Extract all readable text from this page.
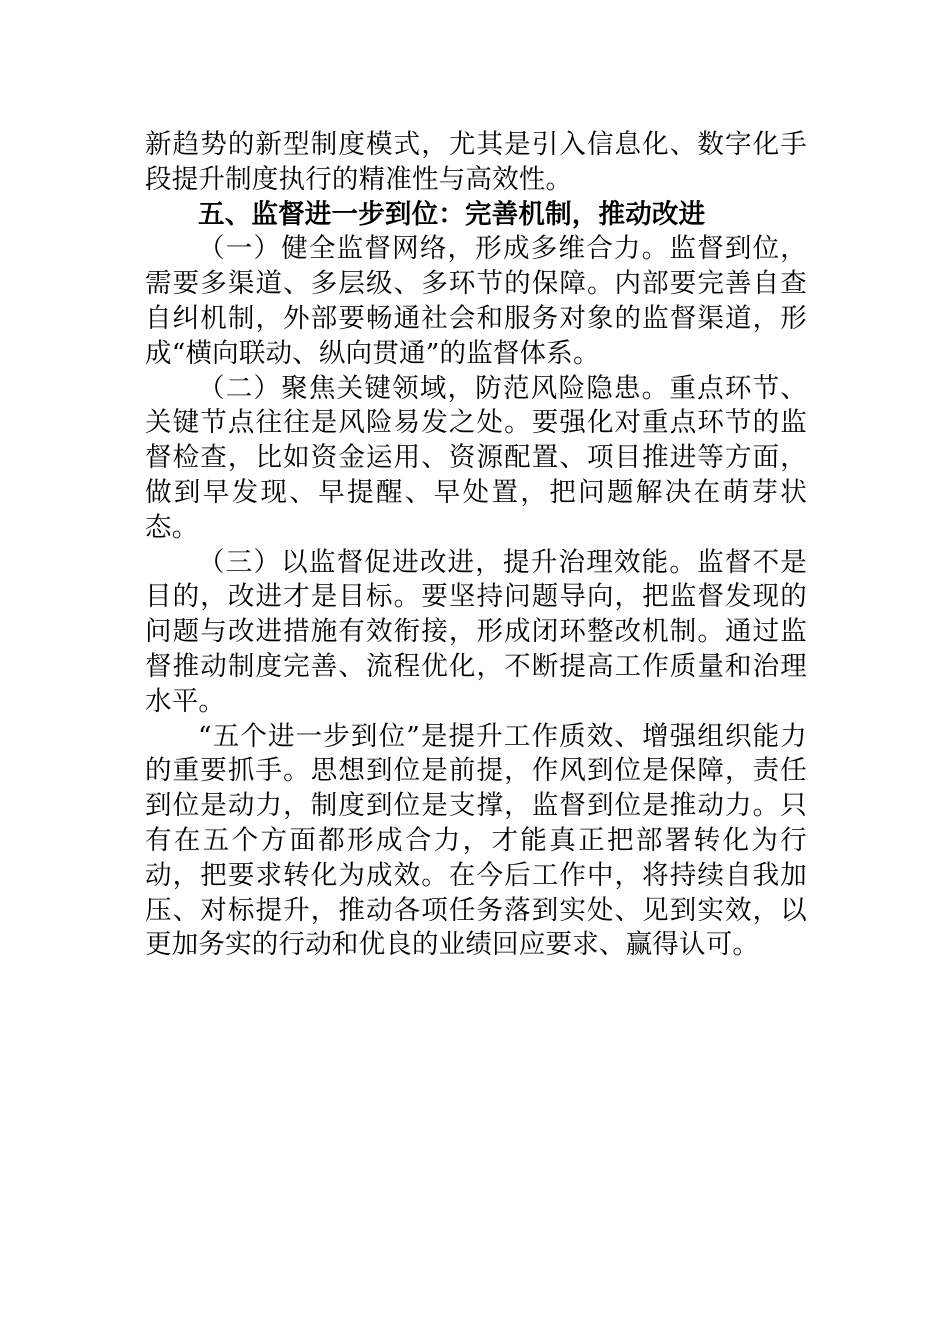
新趋势的新型制度模式，尤其是引入信息化、数字化手段提升制度执行的精准性与高效性。

五、监督进一步到位：完善机制，推动改进

（一）健全监督网络，形成多维合力。监督到位，需要多渠道、多层级、多环节的保障。内部要完善自查自纠机制，外部要畅通社会和服务对象的监督渠道，形成“横向联动、纵向贯通”的监督体系。

（二）聚焦关键领域，防范风险隐患。重点环节、关键节点往往是风险易发之处。要强化对重点环节的监督检查，比如资金运用、资源配置、项目推进等方面，做到早发现、早提醒、早处置，把问题解决在萌芽状态。

（三）以监督促进改进，提升治理效能。监督不是目的，改进才是目标。要坚持问题导向，把监督发现的问题与改进措施有效衔接，形成闭环整改机制。通过监督推动制度完善、流程优化，不断提高工作质量和治理水平。

“五个进一步到位”是提升工作质效、增强组织能力的重要抓手。思想到位是前提，作风到位是保障，责任到位是动力，制度到位是支撑，监督到位是推动力。只有在五个方面都形成合力，才能真正把部署转化为行动，把要求转化为成效。在今后工作中，将持续自我加压、对标提升，推动各项任务落到实处、见到实效，以更加务实的行动和优良的业绩回应要求、赢得认可。
